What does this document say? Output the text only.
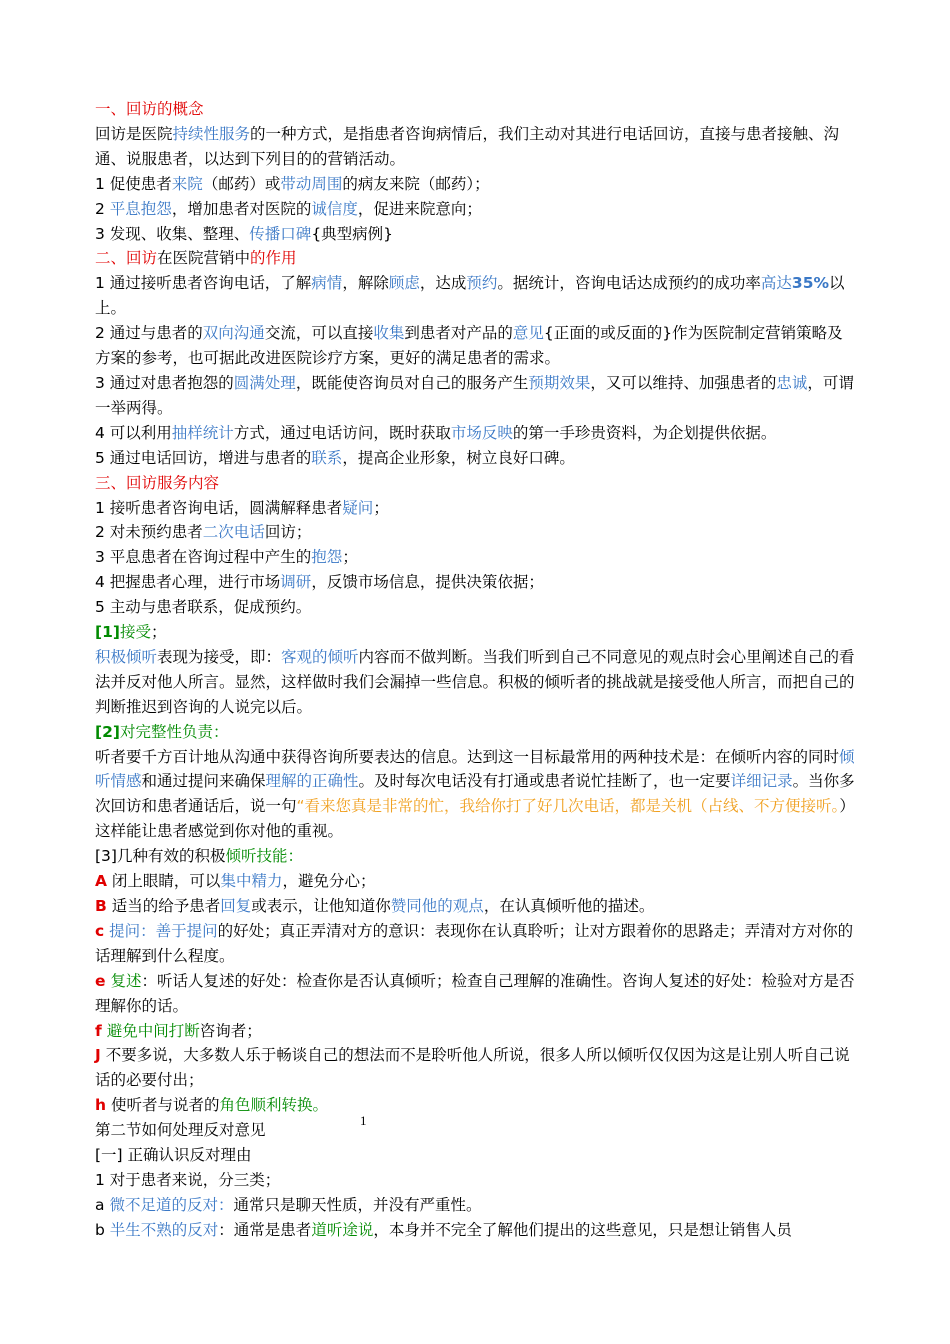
一、回访的概念
回访是医院持续性服务的一种方式，是指患者咨询病情后，我们主动对其进行电话回访，直接与患者接触、沟通、说服患者，以达到下列目的的营销活动。
1 促使患者来院（邮药）或带动周围的病友来院（邮药）；
2 平息抱怨，增加患者对医院的诚信度，促进来院意向；
3 发现、收集、整理、传播口碑{典型病例}
二、回访在医院营销中的作用
1 通过接听患者咨询电话，了解病情，解除顾虑，达成预约。据统计，咨询电话达成预约的成功率高达35%以上。
2 通过与患者的双向沟通交流，可以直接收集到患者对产品的意见{正面的或反面的}作为医院制定营销策略及方案的参考，也可据此改进医院诊疗方案，更好的满足患者的需求。
3 通过对患者抱怨的圆满处理，既能使咨询员对自己的服务产生预期效果，又可以维持、加强患者的忠诚，可谓一举两得。
4 可以利用抽样统计方式，通过电话访问，既时获取市场反映的第一手珍贵资料，为企划提供依据。
5 通过电话回访，增进与患者的联系，提高企业形象，树立良好口碑。
三、回访服务内容
1 接听患者咨询电话，圆满解释患者疑问；
2 对未预约患者二次电话回访；
3 平息患者在咨询过程中产生的抱怨；
4 把握患者心理，进行市场调研，反馈市场信息，提供决策依据；
5 主动与患者联系，促成预约。
[1]接受；
积极倾听表现为接受，即：客观的倾听内容而不做判断。当我们听到自己不同意见的观点时会心里阐述自己的看法并反对他人所言。显然，这样做时我们会漏掉一些信息。积极的倾听者的挑战就是接受他人所言，而把自己的判断推迟到咨询的人说完以后。
[2]对完整性负责：
听者要千方百计地从沟通中获得咨询所要表达的信息。达到这一目标最常用的两种技术是：在倾听内容的同时倾听情感和通过提问来确保理解的正确性。及时每次电话没有打通或患者说忙挂断了，也一定要详细记录。当你多次回访和患者通话后，说一句“看来您真是非常的忙，我给你打了好几次电话，都是关机（占线、不方便接听。）这样能让患者感觉到你对他的重视。
[3]几种有效的积极倾听技能：
A 闭上眼睛，可以集中精力，避免分心；
B 适当的给予患者回复或表示，让他知道你赞同他的观点，在认真倾听他的描述。
c 提问：善于提问的好处；真正弄清对方的意识：表现你在认真聆听；让对方跟着你的思路走；弄清对方对你的话理解到什么程度。
e 复述：听话人复述的好处：检查你是否认真倾听；检查自己理解的准确性。咨询人复述的好处：检验对方是否理解你的话。
f 避免中间打断咨询者；
J 不要多说，大多数人乐于畅谈自己的想法而不是聆听他人所说，很多人所以倾听仅仅因为这是让别人听自己说话的必要付出；
h 使听者与说者的角色顺利转换。
第二节如何处理反对意见
[一] 正确认识反对理由
1 对于患者来说，分三类；
a 微不足道的反对：通常只是聊天性质，并没有严重性。
b 半生不熟的反对：通常是患者道听途说，本身并不完全了解他们提出的这些意见，只是想让销售人员
1
